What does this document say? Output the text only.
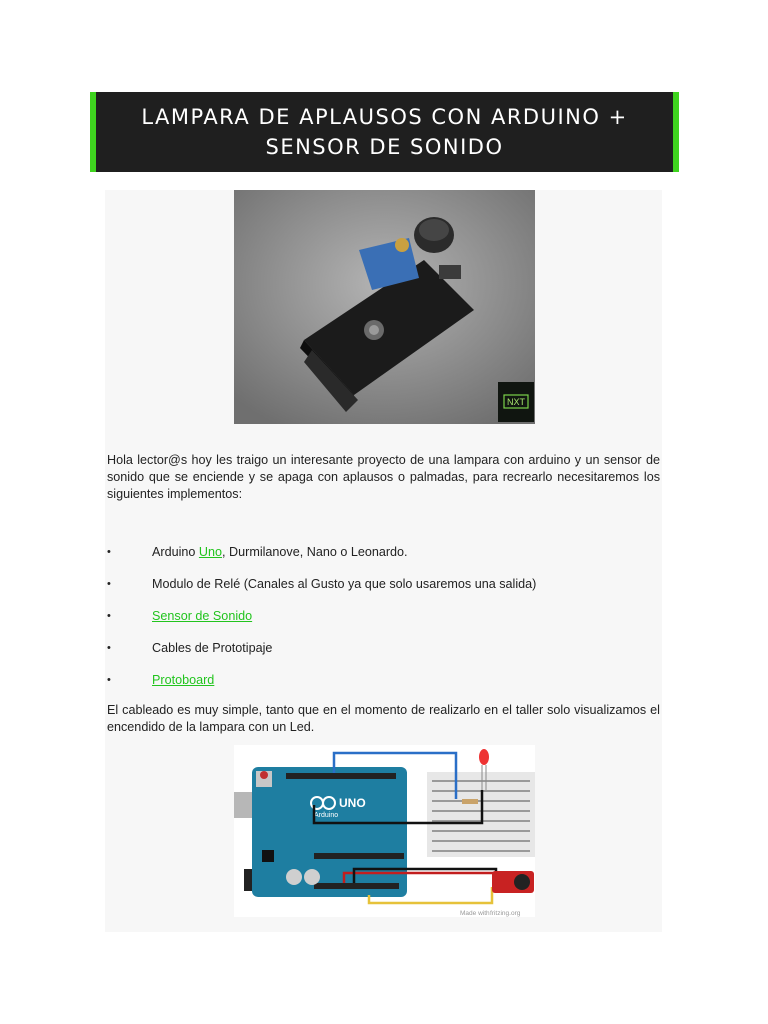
LAMPARA DE APLAUSOS CON ARDUINO + SENSOR DE SONIDO
NXT

Hola lector@s hoy les traigo un interesante proyecto de una lampara con arduino y un sensor de sonido que se enciende y se apaga con aplausos o palmadas, para recrearlo necesitaremos los siguientes implementos:

•	Arduino Uno, Durmilanove, Nano o Leonardo.
•	Modulo de Relé (Canales al Gusto ya que solo usaremos una salida)
•	Sensor de Sonido
•	Cables de Prototipaje
•	Protoboard

El cableado es muy simple, tanto que en el momento de realizarlo en el taller solo visualizamos el encendido de la lampara con un Led.

UNO
Arduino
Made with fritzing.org
